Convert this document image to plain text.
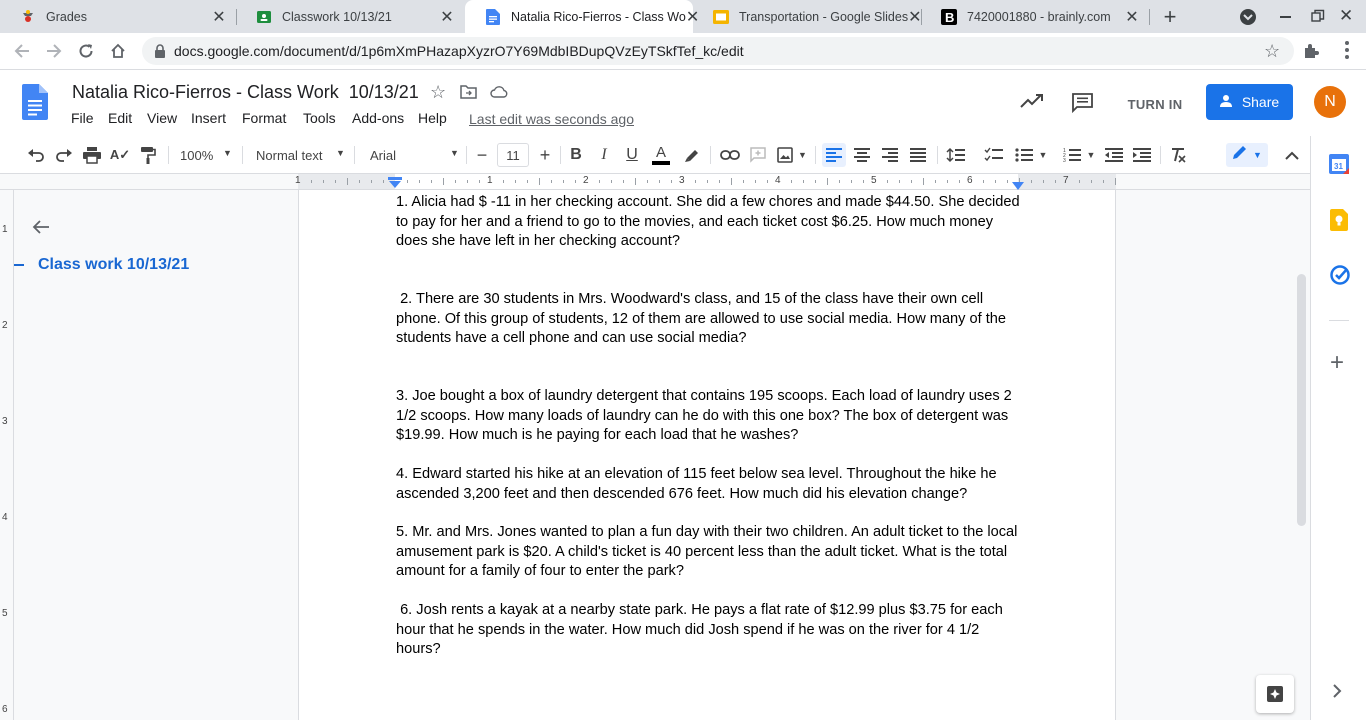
Grades	✕	Classwork 10/13/21	✕	Natalia Rico-Fierros - Class Wo ✕	Transportation - Google Slides ✕ B 7420001880 - brainly.com ✕ +	✕
docs.google.com/document/d/1p6mXmPHazapXyzrO7Y69MdbIBDupQVzEyTSkfTef_kc/edit	☆
Natalia Rico-Fierros - Class Work  10/13/21 ☆
File Edit View Insert Format Tools Add-ons Help Last edit was seconds ago
TURN IN	Share	N
A✓	100% ▼ Normal text ▼ Arial	▼ −	11 +	B	I	U	A	▼	▼	1
2
3
▼	▼
1	1	2	3	4	5	6	7
1
2
3
4
5
6
Class work 10/13/21
1. Alicia had $ -11 in her checking account. She did a few chores and made $44.50. She decided to pay for her and a friend to go to the movies, and each ticket cost $6.25. How much money does she have left in her checking account?
2. There are 30 students in Mrs. Woodward's class, and 15 of the class have their own cell phone. Of this group of students, 12 of them are allowed to use social media. How many of the students have a cell phone and can use social media?
3. Joe bought a box of laundry detergent that contains 195 scoops. Each load of laundry uses 2 1/2 scoops. How many loads of laundry can he do with this one box? The box of detergent was $19.99. How much is he paying for each load that he washes?
4. Edward started his hike at an elevation of 115 feet below sea level. Throughout the hike he ascended 3,200 feet and then descended 676 feet. How much did his elevation change?
5. Mr. and Mrs. Jones wanted to plan a fun day with their two children. An adult ticket to the local amusement park is $20. A child's ticket is 40 percent less than the adult ticket. What is the total amount for a family of four to enter the park?
6. Josh rents a kayak at a nearby state park. He pays a flat rate of $12.99 plus $3.75 for each hour that he spends in the water. How much did Josh spend if he was on the river for 4 1/2 hours?
31
+
